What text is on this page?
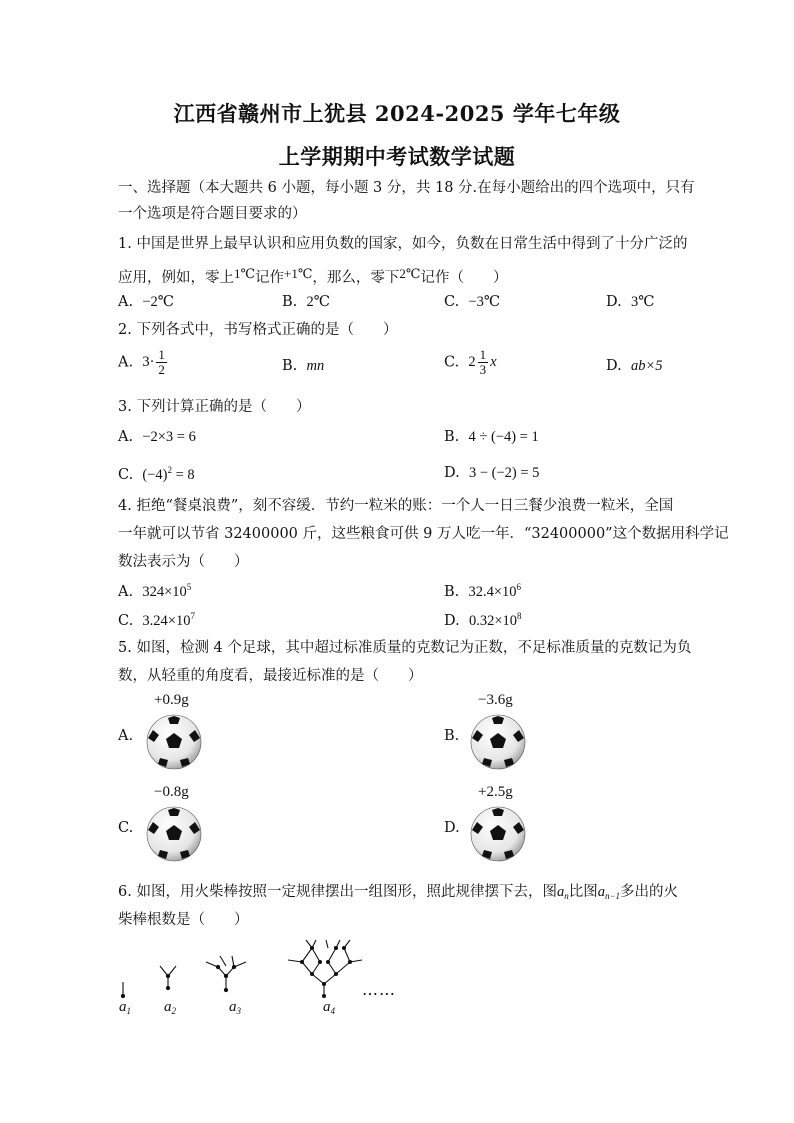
江西省赣州市上犹县 2024-2025 学年七年级
上学期期中考试数学试题
一、选择题（本大题共 6 小题，每小题 3 分，共 18 分.在每小题给出的四个选项中，只有
一个选项是符合题目要求的）
1. 中国是世界上最早认识和应用负数的国家，如今，负数在日常生活中得到了十分广泛的
应用，例如，零上1℃记作+1℃，那么，零下2℃记作（　　）
A. −2℃	B. 2℃	C. −3℃	D. 3℃
2. 下列各式中，书写格式正确的是（　　）
A. $3\cdot \frac{1}{2}$	B. mn	C. $2 \frac{1}{3}$ x	D. ab×5
3. 下列计算正确的是（　　）
A. −2×3 = 6	B. 4 ÷ (−4) = 1
C. $(-4)^2 = 8$	D. 3 − (−2) = 5
4. 拒绝“餐桌浪费”，刻不容缓．节约一粒米的账：一个人一日三餐少浪费一粒米，全国
一年就可以节省 32400000 斤，这些粮食可供 9 万人吃一年．“32400000”这个数据用科学记
数法表示为（　　）
A. $324\times 10^5$	B. $32.4\times 10^6$
C. $3.24\times 10^7$	D. $0.32\times 10^8$
5. 如图，检测 4 个足球，其中超过标准质量的克数记为正数，不足标准质量的克数记为负
数，从轻重的角度看，最接近标准的是（　　）
+0.9g
A.
−3.6g
B.
−0.8g
C.
+2.5g
D.
6. 如图，用火柴棒按照一定规律摆出一组图形，照此规律摆下去，图$a_n$比图$a_{n-1}$多出的火
柴棒根数是（　　）
$a_1$ $a_2$	$a_3$	$a_4$
……
